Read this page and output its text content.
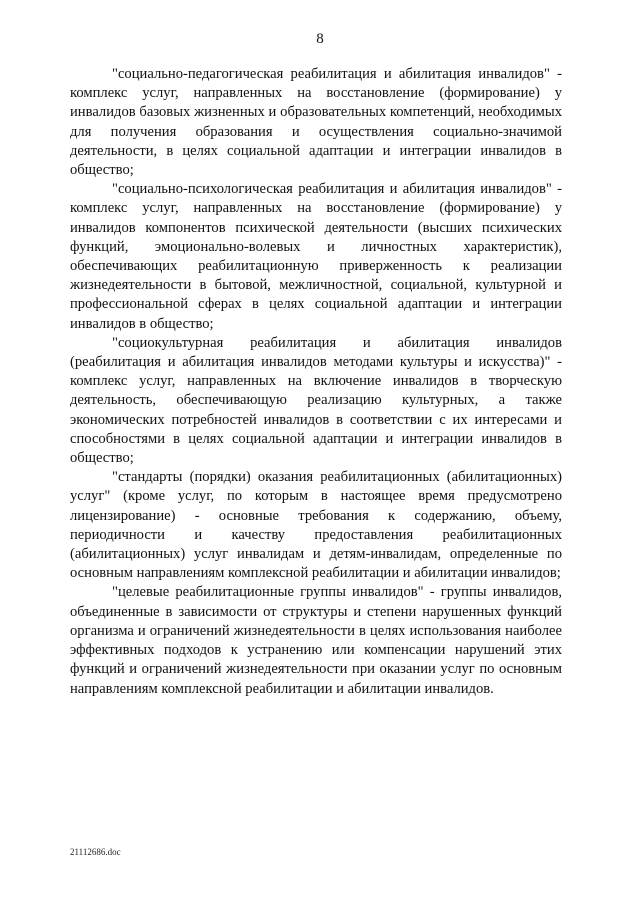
8

"социально-педагогическая реабилитация и абилитация инвалидов" - комплекс услуг, направленных на восстановление (формирование) у инвалидов базовых жизненных и образовательных компетенций, необходимых для получения образования и осуществления социально-значимой деятельности, в целях социальной адаптации и интеграции инвалидов в общество;

"социально-психологическая реабилитация и абилитация инвалидов" - комплекс услуг, направленных на восстановление (формирование) у инвалидов компонентов психической деятельности (высших психических функций, эмоционально-волевых и личностных характеристик), обеспечивающих реабилитационную приверженность к реализации жизнедеятельности в бытовой, межличностной, социальной, культурной и профессиональной сферах в целях социальной адаптации и интеграции инвалидов в общество;

"социокультурная реабилитация и абилитация инвалидов (реабилитация и абилитация инвалидов методами культуры и искусства)" - комплекс услуг, направленных на включение инвалидов в творческую деятельность, обеспечивающую реализацию культурных, а также экономических потребностей инвалидов в соответствии с их интересами и способностями в целях социальной адаптации и интеграции инвалидов в общество;

"стандарты (порядки) оказания реабилитационных (абилитационных) услуг" (кроме услуг, по которым в настоящее время предусмотрено лицензирование) - основные требования к содержанию, объему, периодичности и качеству предоставления реабилитационных (абилитационных) услуг инвалидам и детям-инвалидам, определенные по основным направлениям комплексной реабилитации и абилитации инвалидов;

"целевые реабилитационные группы инвалидов" - группы инвалидов, объединенные в зависимости от структуры и степени нарушенных функций организма и ограничений жизнедеятельности в целях использования наиболее эффективных подходов к устранению или компенсации нарушений этих функций и ограничений жизнедеятельности при оказании услуг по основным направлениям комплексной реабилитации и абилитации инвалидов.

21112686.doc
